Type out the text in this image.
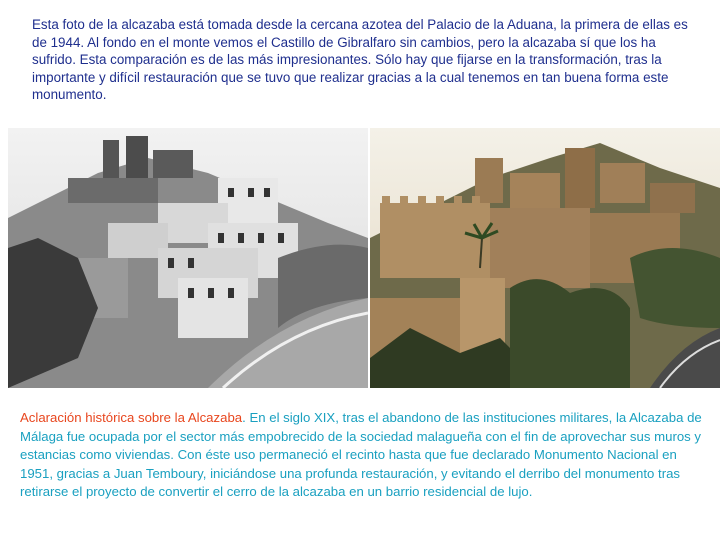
Esta foto de la alcazaba está tomada desde la cercana azotea del Palacio de la Aduana, la primera de ellas es de 1944. Al fondo en el monte vemos el Castillo de Gibralfaro sin cambios, pero la alcazaba sí que los ha sufrido. Esta comparación es de las más impresionantes. Sólo hay que fijarse en la transformación, tras la importante y difícil restauración que se tuvo que realizar gracias a la cual tenemos en tan buena forma este monumento.

Aclaración histórica sobre la Alcazaba. En el siglo XIX, tras el abandono de las instituciones militares, la Alcazaba de Málaga fue ocupada por el sector más empobrecido de la sociedad malagueña con el fin de aprovechar sus muros y estancias como viviendas. Con éste uso permaneció el recinto hasta que fue declarado Monumento Nacional en 1951, gracias a Juan Temboury, iniciándose una profunda restauración, y evitando el derribo del monumento tras retirarse el proyecto de convertir el cerro de la alcazaba en un barrio residencial de lujo.
